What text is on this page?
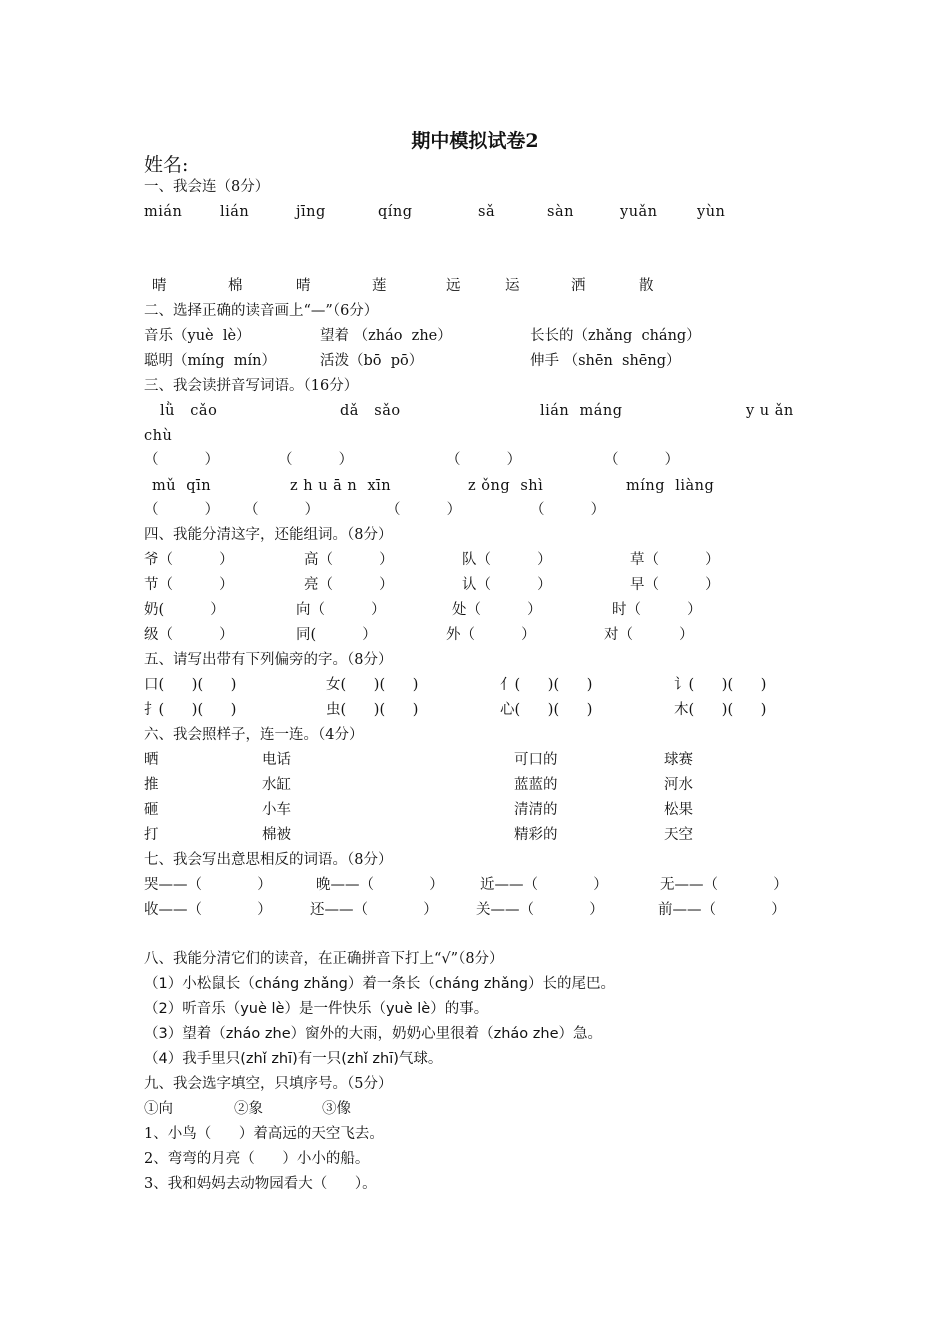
期中模拟试卷2
姓名:
一、我会连（8分）
mián	lián	jīng	qíng	sǎ	sàn	yuǎn	yùn
晴	棉	晴	莲	远	运	洒	散
二、选择正确的读音画上“—”（6分）
音乐（yuè  lè）	望着 （zháo  zhe）	长长的（zhǎng  cháng）
聪明（míng  mín）	活泼（bō  pō）	伸手 （shēn  shēng）
三、我会读拼音写词语。（16分）
lǜ   cǎo	dǎ   sǎo	lián  máng	y u ǎn
chù
（          ）	（          ）	（          ）	（          ）
mǔ  qīn	z h u ā n  xīn	z ǒng  shì	míng  liàng
（          ） （          ）	（          ）	（          ）
四、我能分清这字，还能组词。（8分）
爷（          ）	高（          ）	队（          ）	草（          ）
节（          ）	亮（          ）	认（          ）	早（          ）
奶(          ）	向（          ）	处（          ）	时（          ）
级（          ）	同(          ）	外（          ）	对（          ）
五、请写出带有下列偏旁的字。（8分）
口(      )(      )	女(      )(      )	亻(      )(      )	讠(      )(      )
扌(      )(      )	虫(      )(      )	心(      )(      )	木(      )(      )
六、我会照样子，连一连。（4分）
晒	电话	可口的	球赛
推	水缸	蓝蓝的	河水
砸	小车	清清的	松果
打	棉被	精彩的	天空
七、我会写出意思相反的词语。（8分）
哭——（            ）	晚——（            ） 近——（            ）	无——（            ）
收——（            ）	还——（            ）	关——（            ）	前——（            ）
八、我能分清它们的读音，在正确拼音下打上“√”（8分）
（1）小松鼠长（cháng zhǎng）着一条长（cháng zhǎng）长的尾巴。
（2）听音乐（yuè lè）是一件快乐（yuè lè）的事。
（3）望着（zháo zhe）窗外的大雨，奶奶心里很着（zháo zhe）急。
（4）我手里只(zhǐ zhī)有一只(zhǐ zhī)气球。
九、我会选字填空，只填序号。（5分）
①向	②象	③像
1、小鸟（      ）着高远的天空飞去。
2、弯弯的月亮（      ）小小的船。
3、我和妈妈去动物园看大（      ）。
